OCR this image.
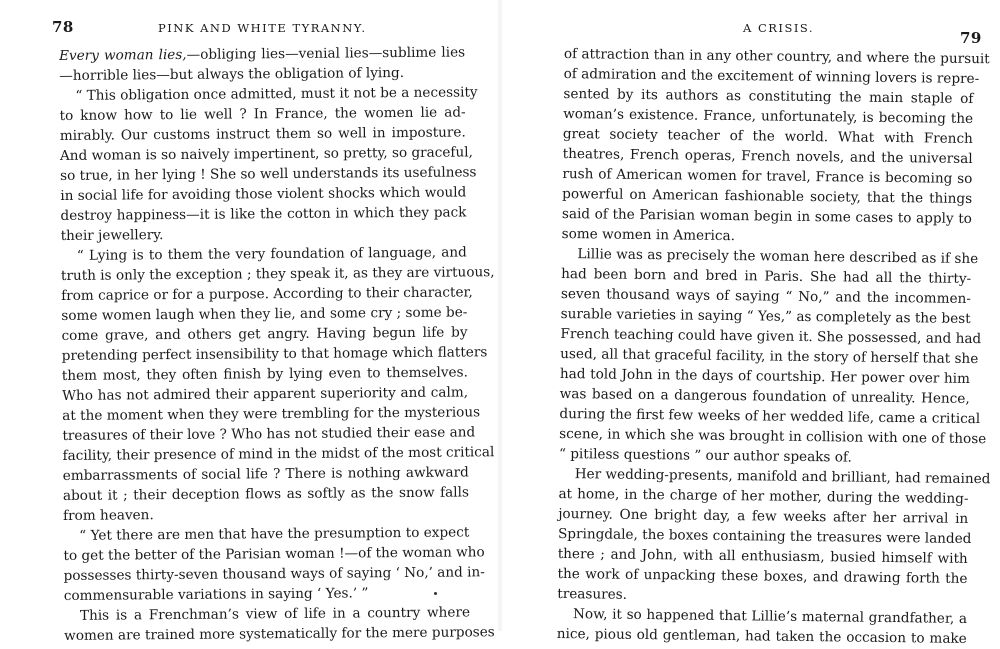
78	PINK AND WHITE TYRANNY.
Every woman lies,—obliging lies—venial lies—sublime lies
—horrible lies—but always the obligation of lying.
“ This obligation once admitted, must it not be a necessity
to know how to lie well ? In France, the women lie ad-
mirably. Our customs instruct them so well in imposture.
And woman is so naively impertinent, so pretty, so graceful,
so true, in her lying ! She so well understands its usefulness
in social life for avoiding those violent shocks which would
destroy happiness—it is like the cotton in which they pack
their jewellery.
“ Lying is to them the very foundation of language, and
truth is only the exception ; they speak it, as they are virtuous,
from caprice or for a purpose. According to their character,
some women laugh when they lie, and some cry ; some be-
come grave, and others get angry. Having begun life by
pretending perfect insensibility to that homage which flatters
them most, they often finish by lying even to themselves.
Who has not admired their apparent superiority and calm,
at the moment when they were trembling for the mysterious
treasures of their love ? Who has not studied their ease and
facility, their presence of mind in the midst of the most critical
embarrassments of social life ? There is nothing awkward
about it ; their deception flows as softly as the snow falls
from heaven.
“ Yet there are men that have the presumption to expect
to get the better of the Parisian woman !—of the woman who
possesses thirty-seven thousand ways of saying ‘ No,’ and in-
commensurable variations in saying ‘ Yes.’ ”
This is a Frenchman’s view of life in a country where
women are trained more systematically for the mere purposes
A CRISIS.
79
of attraction than in any other country, and where the pursuit
of admiration and the excitement of winning lovers is repre-
sented by its authors as constituting the main staple of
woman’s existence. France, unfortunately, is becoming the
great society teacher of the world. What with French
theatres, French operas, French novels, and the universal
rush of American women for travel, France is becoming so
powerful on American fashionable society, that the things
said of the Parisian woman begin in some cases to apply to
some women in America.
Lillie was as precisely the woman here described as if she
had been born and bred in Paris. She had all the thirty-
seven thousand ways of saying “ No,” and the incommen-
surable varieties in saying “ Yes,” as completely as the best
French teaching could have given it. She possessed, and had
used, all that graceful facility, in the story of herself that she
had told John in the days of courtship. Her power over him
was based on a dangerous foundation of unreality. Hence,
during the first few weeks of her wedded life, came a critical
scene, in which she was brought in collision with one of those
“ pitiless questions ” our author speaks of.
Her wedding-presents, manifold and brilliant, had remained
at home, in the charge of her mother, during the wedding-
journey. One bright day, a few weeks after her arrival in
Springdale, the boxes containing the treasures were landed
there ; and John, with all enthusiasm, busied himself with
the work of unpacking these boxes, and drawing forth the
treasures.
Now, it so happened that Lillie’s maternal grandfather, a
nice, pious old gentleman, had taken the occasion to make
